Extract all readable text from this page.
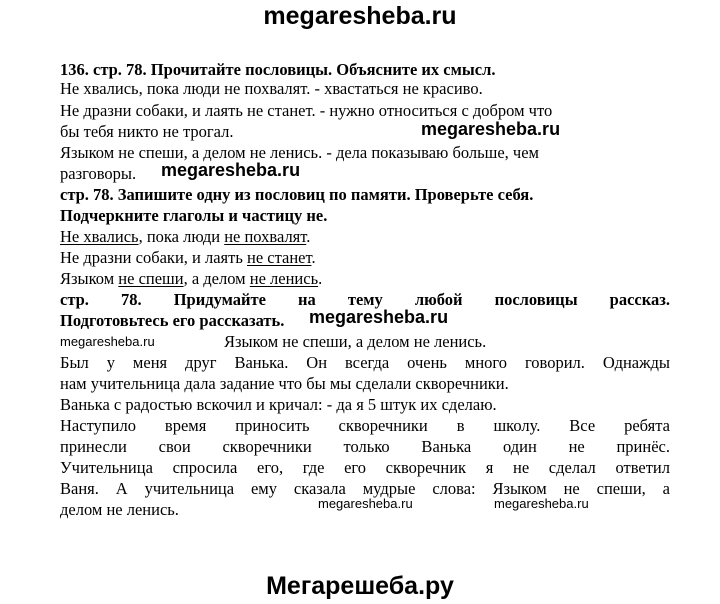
megaresheba.ru
136. стр. 78. Прочитайте пословицы. Объясните их смысл.
Не хвались, пока люди не похвалят. - хвастаться не красиво.
Не дразни собаки, и лаять не станет. - нужно относиться с добром что
бы тебя никто не трогал.	megaresheba.ru
Языком не спеши, а делом не ленись. - дела показываю больше, чем
разговоры. megaresheba.ru
стр. 78. Запишите одну из пословиц по памяти. Проверьте себя.
Подчеркните глаголы и частицу не.
Не хвались, пока люди не похвалят.
Не дразни собаки, и лаять не станет.
Языком не спеши, а делом не ленись.
стр. 78. Придумайте на тему любой пословицы рассказ.
Подготовьтесь его рассказать. megaresheba.ru
megaresheba.ru	Языком не спеши, а делом не ленись.
Был у меня друг Ванька. Он всегда очень много говорил. Однажды
нам учительница дала задание что бы мы сделали скворечники.
Ванька с радостью вскочил и кричал: - да я 5 штук их сделаю.
Наступило время приносить скворечники в школу. Все ребята
принесли свои скворечники только Ванька один не принёс.
Учительница спросила его, где его скворечник я не сделал ответил
Ваня. А учительница ему сказала мудрые слова: Языком не спеши, а
делом не ленись.	megaresheba.ru	megaresheba.ru
Мегарешеба.ру
